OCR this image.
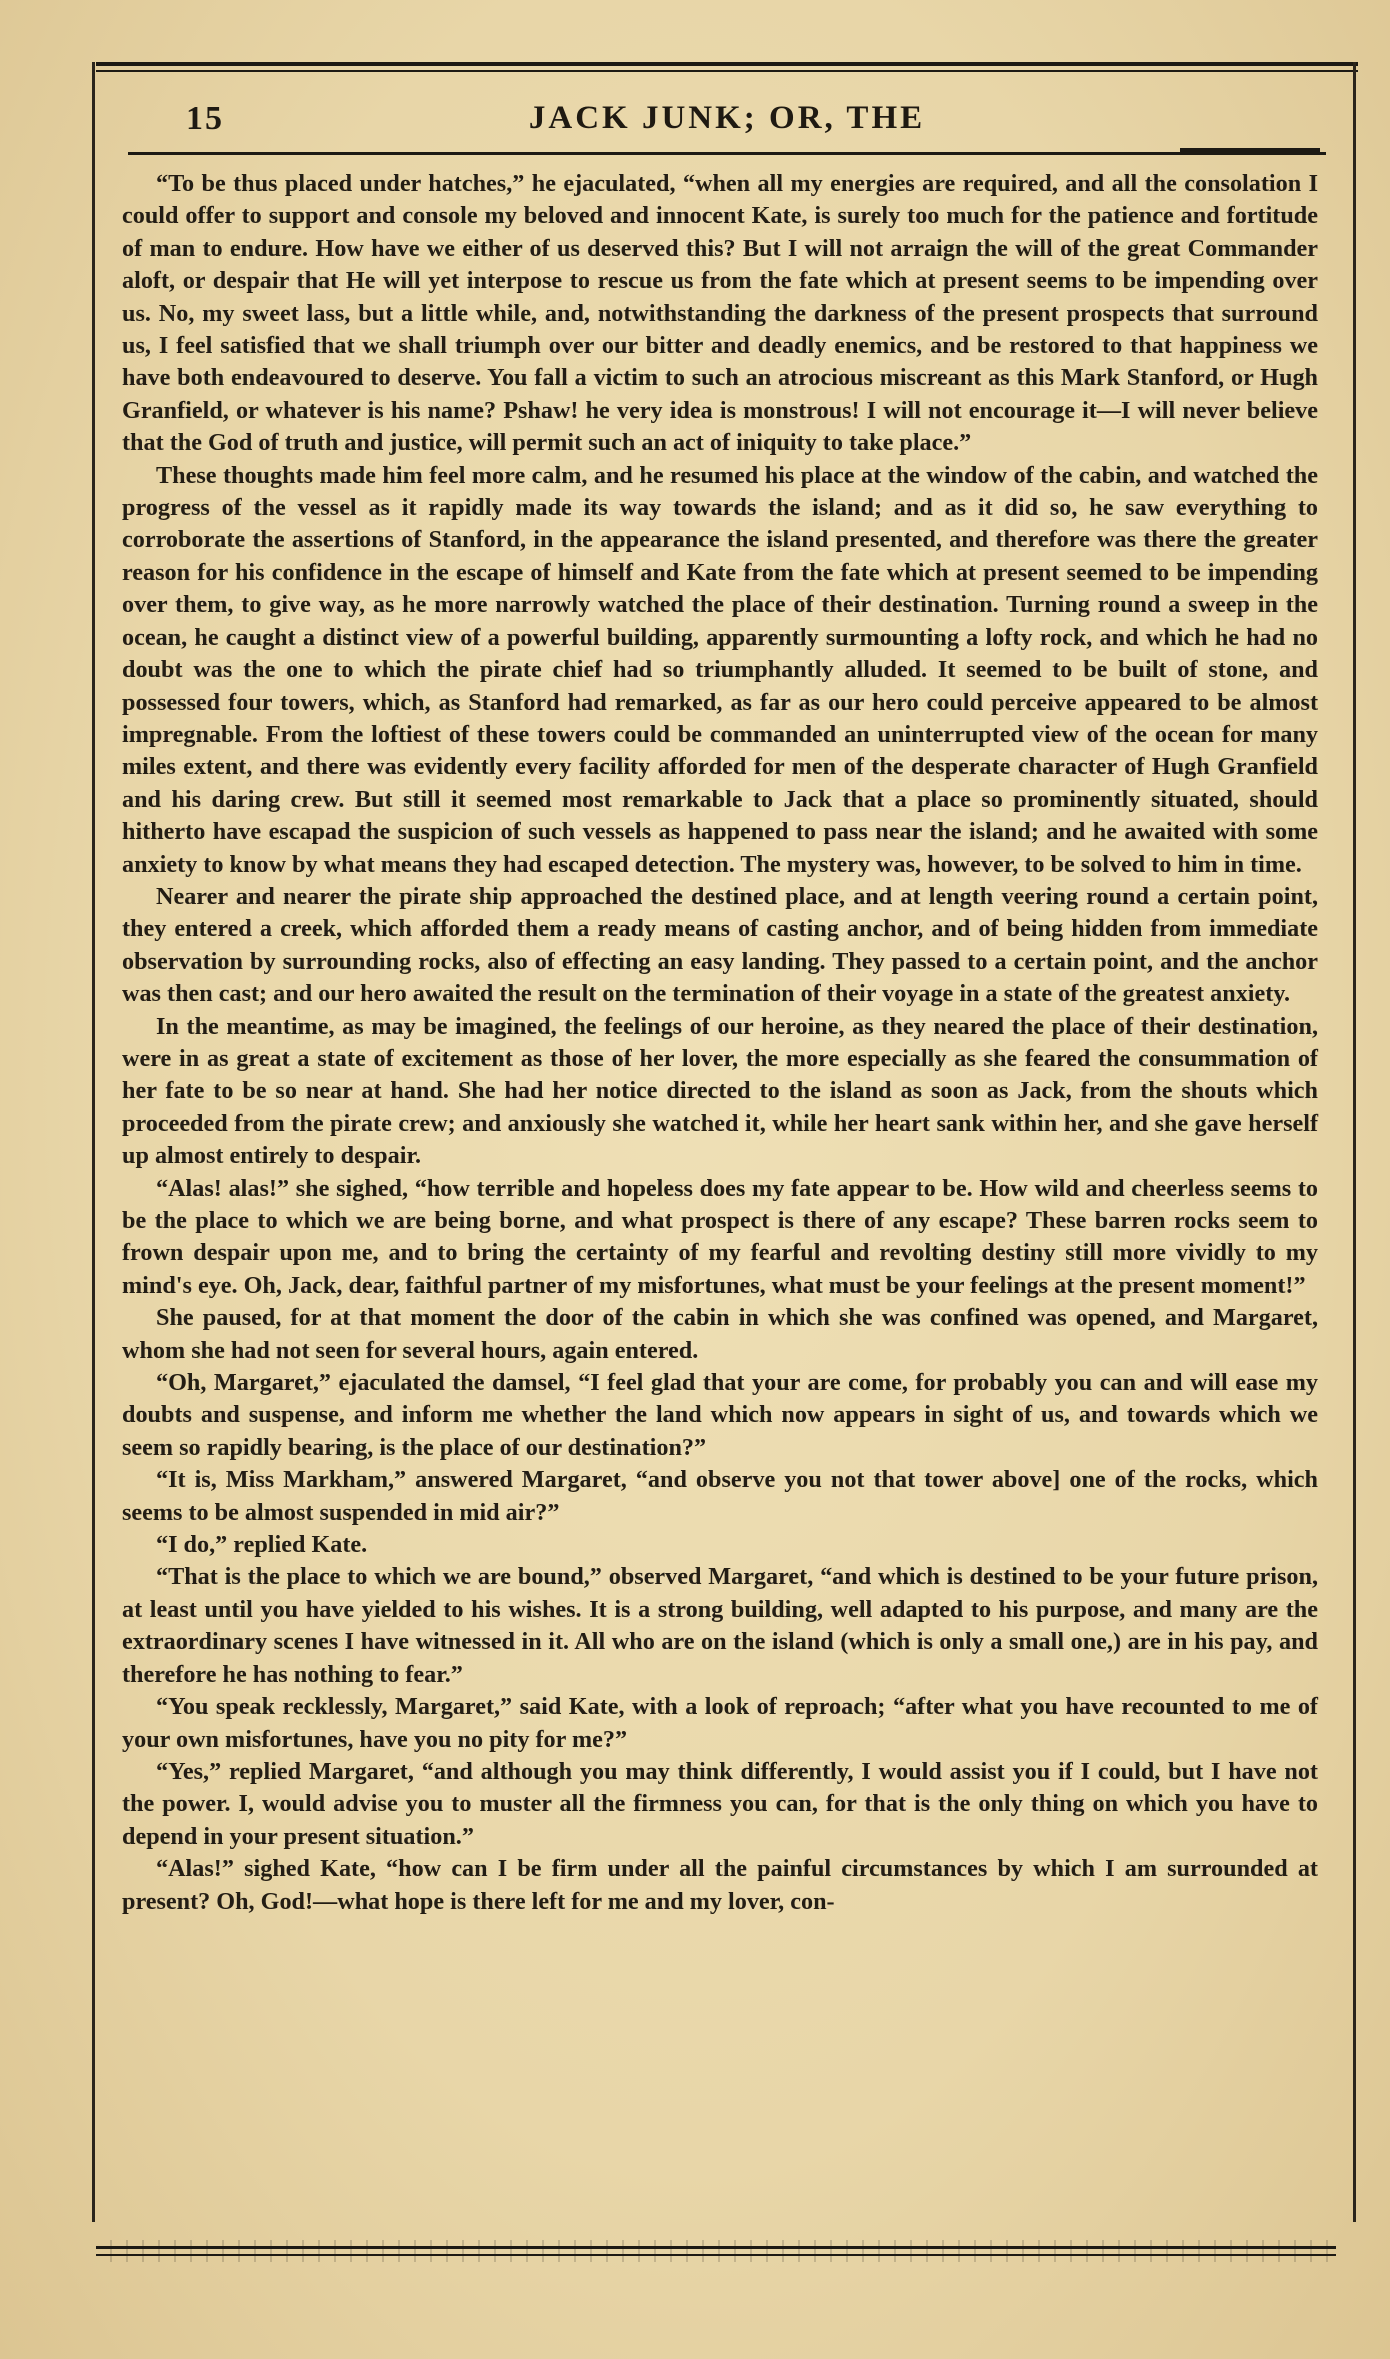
15	JACK JUNK; OR, THE

“To be thus placed under hatches,” he ejaculated, “when all my energies are required, and all the consolation I could offer to support and console my beloved and innocent Kate, is surely too much for the patience and fortitude of man to endure. How have we either of us deserved this? But I will not arraign the will of the great Commander aloft, or despair that He will yet interpose to rescue us from the fate which at present seems to be impending over us. No, my sweet lass, but a little while, and, notwithstanding the darkness of the present prospects that surround us, I feel satisfied that we shall triumph over our bitter and deadly enemics, and be restored to that happiness we have both endeavoured to deserve. You fall a victim to such an atrocious miscreant as this Mark Stanford, or Hugh Granfield, or whatever is his name? Pshaw! he very idea is monstrous! I will not encourage it—I will never believe that the God of truth and justice, will permit such an act of iniquity to take place.”

These thoughts made him feel more calm, and he resumed his place at the window of the cabin, and watched the progress of the vessel as it rapidly made its way towards the island; and as it did so, he saw everything to corroborate the assertions of Stanford, in the appearance the island presented, and therefore was there the greater reason for his confidence in the escape of himself and Kate from the fate which at present seemed to be impending over them, to give way, as he more narrowly watched the place of their destination. Turning round a sweep in the ocean, he caught a distinct view of a powerful building, apparently surmounting a lofty rock, and which he had no doubt was the one to which the pirate chief had so triumphantly alluded. It seemed to be built of stone, and possessed four towers, which, as Stanford had remarked, as far as our hero could perceive appeared to be almost impregnable. From the loftiest of these towers could be commanded an uninterrupted view of the ocean for many miles extent, and there was evidently every facility afforded for men of the desperate character of Hugh Granfield and his daring crew. But still it seemed most remarkable to Jack that a place so prominently situated, should hitherto have escapad the suspicion of such vessels as happened to pass near the island; and he awaited with some anxiety to know by what means they had escaped detection. The mystery was, however, to be solved to him in time.

Nearer and nearer the pirate ship approached the destined place, and at length veering round a certain point, they entered a creek, which afforded them a ready means of casting anchor, and of being hidden from immediate observation by surrounding rocks, also of effecting an easy landing. They passed to a certain point, and the anchor was then cast; and our hero awaited the result on the termination of their voyage in a state of the greatest anxiety.

In the meantime, as may be imagined, the feelings of our heroine, as they neared the place of their destination, were in as great a state of excitement as those of her lover, the more especially as she feared the consummation of her fate to be so near at hand. She had her notice directed to the island as soon as Jack, from the shouts which proceeded from the pirate crew; and anxiously she watched it, while her heart sank within her, and she gave herself up almost entirely to despair.

“Alas! alas!” she sighed, “how terrible and hopeless does my fate appear to be. How wild and cheerless seems to be the place to which we are being borne, and what prospect is there of any escape? These barren rocks seem to frown despair upon me, and to bring the certainty of my fearful and revolting destiny still more vividly to my mind's eye. Oh, Jack, dear, faithful partner of my misfortunes, what must be your feelings at the present moment!”

She paused, for at that moment the door of the cabin in which she was confined was opened, and Margaret, whom she had not seen for several hours, again entered.

“Oh, Margaret,” ejaculated the damsel, “I feel glad that your are come, for probably you can and will ease my doubts and suspense, and inform me whether the land which now appears in sight of us, and towards which we seem so rapidly bearing, is the place of our destination?”

“It is, Miss Markham,” answered Margaret, “and observe you not that tower above] one of the rocks, which seems to be almost suspended in mid air?”

“I do,” replied Kate.

“That is the place to which we are bound,” observed Margaret, “and which is destined to be your future prison, at least until you have yielded to his wishes. It is a strong building, well adapted to his purpose, and many are the extraordinary scenes I have witnessed in it. All who are on the island (which is only a small one,) are in his pay, and therefore he has nothing to fear.”

“You speak recklessly, Margaret,” said Kate, with a look of reproach; “after what you have recounted to me of your own misfortunes, have you no pity for me?”

“Yes,” replied Margaret, “and although you may think differently, I would assist you if I could, but I have not the power. I, would advise you to muster all the firmness you can, for that is the only thing on which you have to depend in your present situation.”

“Alas!” sighed Kate, “how can I be firm under all the painful circumstances by which I am surrounded at present? Oh, God!—what hope is there left for me and my lover, con-
